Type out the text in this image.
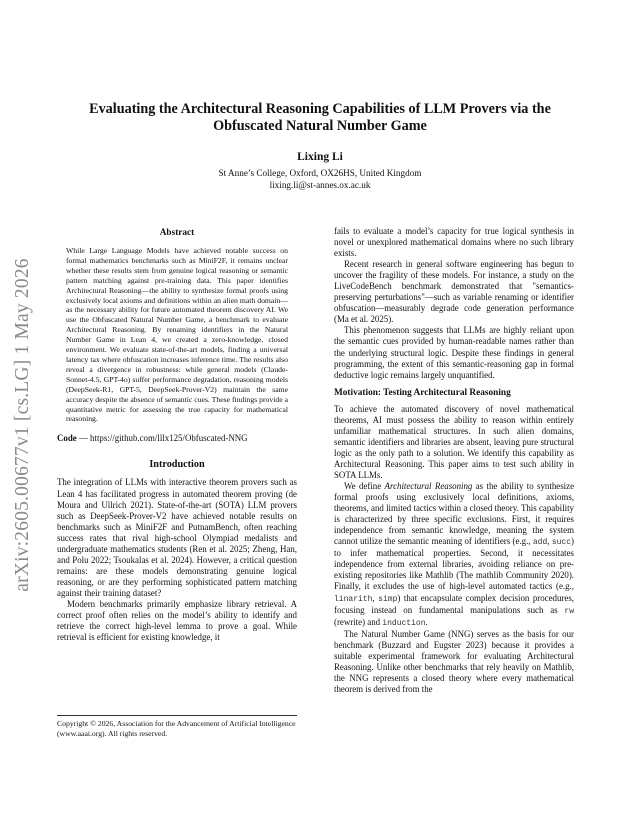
arXiv:2605.00677v1 [cs.LG] 1 May 2026
Evaluating the Architectural Reasoning Capabilities of LLM Provers via the Obfuscated Natural Number Game
Lixing Li
St Anne’s College, Oxford, OX26HS, United Kingdom
lixing.li@st-annes.ox.ac.uk
Abstract

While Large Language Models have achieved notable success on formal mathematics benchmarks such as MiniF2F, it remains unclear whether these results stem from genuine logical reasoning or semantic pattern matching against pre-training data. This paper identifies Architectural Reasoning—the ability to synthesize formal proofs using exclusively local axioms and definitions within an alien math domain—as the necessary ability for future automated theorem discovery AI. We use the Obfuscated Natural Number Game, a benchmark to evaluate Architectural Reasoning. By renaming identifiers in the Natural Number Game in Lean 4, we created a zero-knowledge, closed environment. We evaluate state-of-the-art models, finding a universal latency tax where obfuscation increases inference time. The results also reveal a divergence in robustness: while general models (Claude-Sonnet-4.5, GPT-4o) suffer performance degradation, reasoning models (DeepSeek-R1, GPT-5, DeepSeek-Prover-V2) maintain the same accuracy despite the absence of semantic cues. These findings provide a quantitative metric for assessing the true capacity for mathematical reasoning.

Code — https://github.com/lllx125/Obfuscated-NNG
Introduction

The integration of LLMs with interactive theorem provers such as Lean 4 has facilitated progress in automated theorem proving (de Moura and Ullrich 2021). State-of-the-art (SOTA) LLM provers such as DeepSeek-Prover-V2 have achieved notable results on benchmarks such as MiniF2F and PutnamBench, often reaching success rates that rival high-school Olympiad medalists and undergraduate mathematics students (Ren et al. 2025; Zheng, Han, and Polu 2022; Tsoukalas et al. 2024). However, a critical question remains: are these models demonstrating genuine logical reasoning, or are they performing sophisticated pattern matching against their training dataset?

Modern benchmarks primarily emphasize library retrieval. A correct proof often relies on the model’s ability to identify and retrieve the correct high-level lemma to prove a goal. While retrieval is efficient for existing knowledge, it

Copyright © 2026, Association for the Advancement of Artificial Intelligence (www.aaai.org). All rights reserved.

fails to evaluate a model’s capacity for true logical synthesis in novel or unexplored mathematical domains where no such library exists.

Recent research in general software engineering has begun to uncover the fragility of these models. For instance, a study on the LiveCodeBench benchmark demonstrated that "semantics-preserving perturbations"—such as variable renaming or identifier obfuscation—measurably degrade code generation performance (Ma et al. 2025).

This phenomenon suggests that LLMs are highly reliant upon the semantic cues provided by human-readable names rather than the underlying structural logic. Despite these findings in general programming, the extent of this semantic-reasoning gap in formal deductive logic remains largely unquantified.

Motivation: Testing Architectural Reasoning

To achieve the automated discovery of novel mathematical theorems, AI must possess the ability to reason within entirely unfamiliar mathematical structures. In such alien domains, semantic identifiers and libraries are absent, leaving pure structural logic as the only path to a solution. We identify this capability as Architectural Reasoning. This paper aims to test such ability in SOTA LLMs.

We define Architectural Reasoning as the ability to synthesize formal proofs using exclusively local definitions, axioms, theorems, and limited tactics within a closed theory. This capability is characterized by three specific exclusions. First, it requires independence from semantic knowledge, meaning the system cannot utilize the semantic meaning of identifiers (e.g., add, succ) to infer mathematical properties. Second, it necessitates independence from external libraries, avoiding reliance on pre-existing repositories like Mathlib (The mathlib Community 2020). Finally, it excludes the use of high-level automated tactics (e.g., linarith, simp) that encapsulate complex decision procedures, focusing instead on fundamental manipulations such as rw (rewrite) and induction.

The Natural Number Game (NNG) serves as the basis for our benchmark (Buzzard and Eugster 2023) because it provides a suitable experimental framework for evaluating Architectural Reasoning. Unlike other benchmarks that rely heavily on Mathlib, the NNG represents a closed theory where every mathematical theorem is derived from the
